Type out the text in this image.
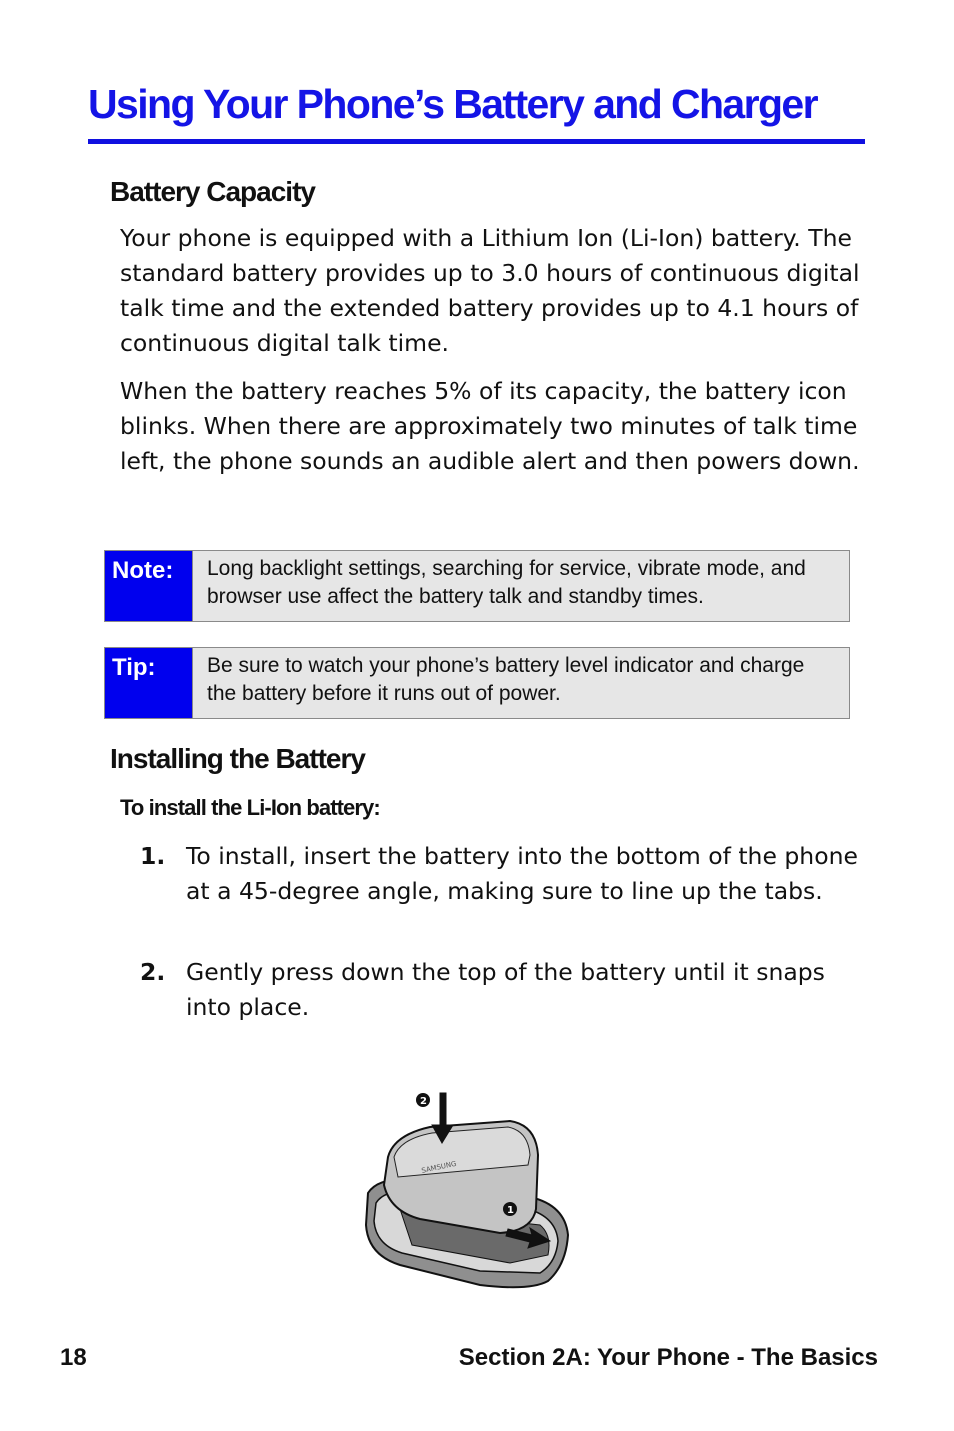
Using Your Phone’s Battery and Charger
Battery Capacity

Your phone is equipped with a Lithium Ion (Li-Ion) battery. The standard battery provides up to 3.0 hours of continuous digital talk time and the extended battery provides up to 4.1 hours of continuous digital talk time.

When the battery reaches 5% of its capacity, the battery icon blinks. When there are approximately two minutes of talk time left, the phone sounds an audible alert and then powers down.

Note:	Long backlight settings, searching for service, vibrate mode, and browser use affect the battery talk and standby times.
Tip:	Be sure to watch your phone’s battery level indicator and charge the battery before it runs out of power.
Installing the Battery
To install the Li-Ion battery:
1. To install, insert the battery into the bottom of the phone at a 45-degree angle, making sure to line up the tabs.
2. Gently press down the top of the battery until it snaps into place.
SAMSUNG
2
1
18	Section 2A: Your Phone - The Basics
